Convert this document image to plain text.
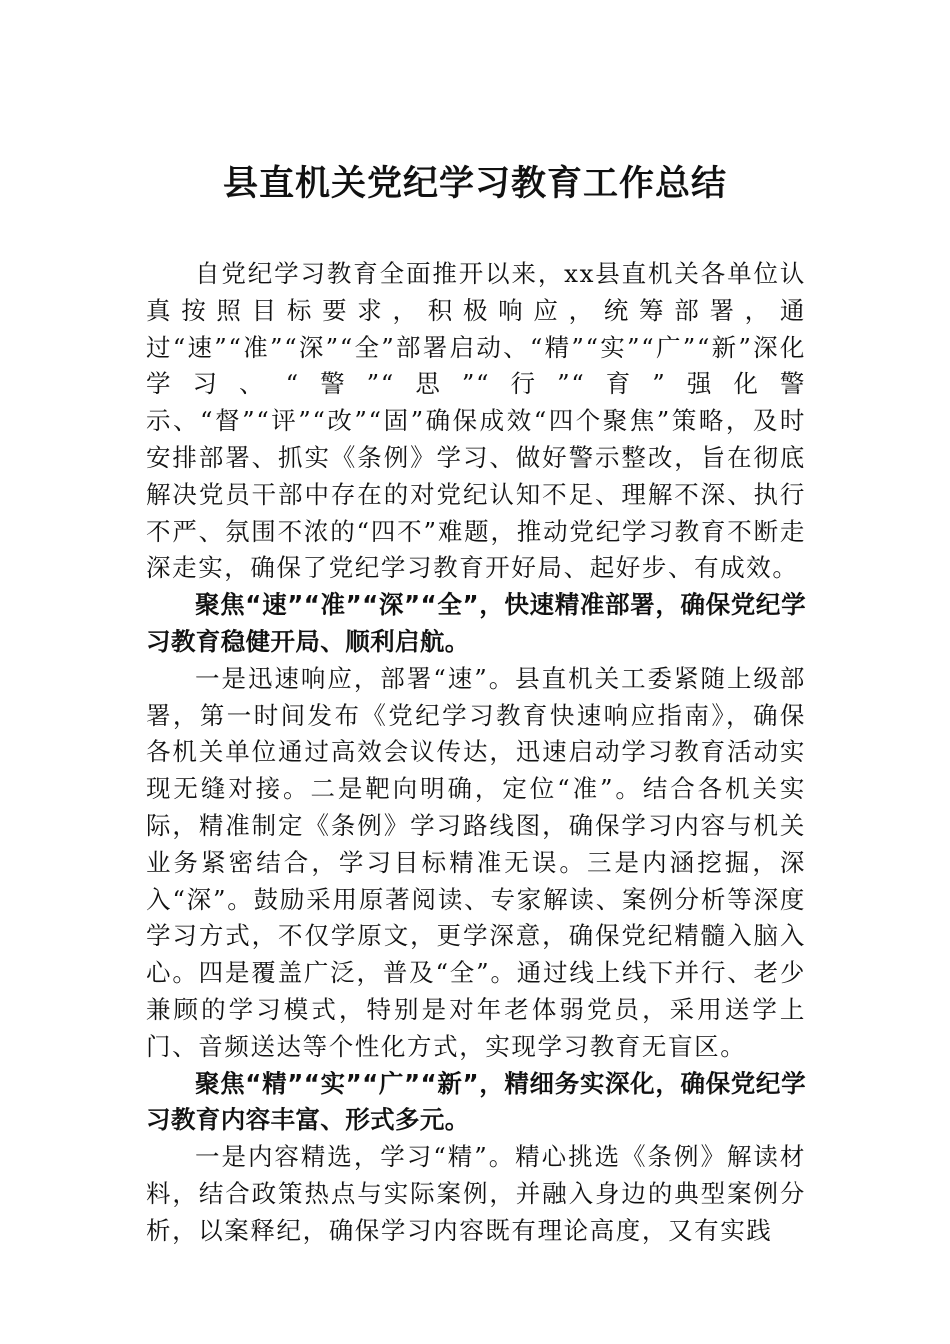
县直机关党纪学习教育工作总结

自党纪学习教育全面推开以来，xx县直机关各单位认真按照目标要求，积极响应，统筹部署，通过“速”“准”“深”“全”部署启动、“精”“实”“广”“新”深化学习、“警”“思”“行”“育”强化警示、“督”“评”“改”“固”确保成效“四个聚焦”策略，及时安排部署、抓实《条例》学习、做好警示整改，旨在彻底解决党员干部中存在的对党纪认知不足、理解不深、执行不严、氛围不浓的“四不”难题，推动党纪学习教育不断走深走实，确保了党纪学习教育开好局、起好步、有成效。

聚焦“速”“准”“深”“全”，快速精准部署，确保党纪学习教育稳健开局、顺利启航。

一是迅速响应，部署“速”。县直机关工委紧随上级部署，第一时间发布《党纪学习教育快速响应指南》，确保各机关单位通过高效会议传达，迅速启动学习教育活动实现无缝对接。二是靶向明确，定位“准”。结合各机关实际，精准制定《条例》学习路线图，确保学习内容与机关业务紧密结合，学习目标精准无误。三是内涵挖掘，深入“深”。鼓励采用原著阅读、专家解读、案例分析等深度学习方式，不仅学原文，更学深意，确保党纪精髓入脑入心。四是覆盖广泛，普及“全”。通过线上线下并行、老少兼顾的学习模式，特别是对年老体弱党员，采用送学上门、音频送达等个性化方式，实现学习教育无盲区。

聚焦“精”“实”“广”“新”，精细务实深化，确保党纪学习教育内容丰富、形式多元。

一是内容精选，学习“精”。精心挑选《条例》解读材料，结合政策热点与实际案例，并融入身边的典型案例分析，以案释纪，确保学习内容既有理论高度，又有实践
